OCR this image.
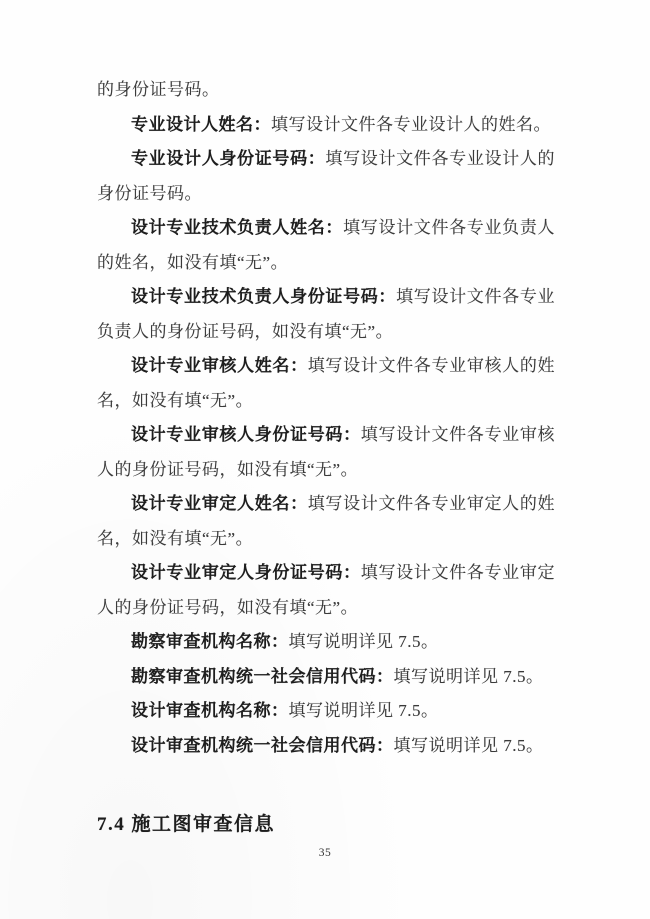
的身份证号码。

专业设计人姓名：填写设计文件各专业设计人的姓名。

专业设计人身份证号码：填写设计文件各专业设计人的身份证号码。

设计专业技术负责人姓名：填写设计文件各专业负责人的姓名，如没有填“无”。

设计专业技术负责人身份证号码：填写设计文件各专业负责人的身份证号码，如没有填“无”。

设计专业审核人姓名：填写设计文件各专业审核人的姓名，如没有填“无”。

设计专业审核人身份证号码：填写设计文件各专业审核人的身份证号码，如没有填“无”。

设计专业审定人姓名：填写设计文件各专业审定人的姓名，如没有填“无”。

设计专业审定人身份证号码：填写设计文件各专业审定人的身份证号码，如没有填“无”。

勘察审查机构名称：填写说明详见 7.5。

勘察审查机构统一社会信用代码：填写说明详见 7.5。

设计审查机构名称：填写说明详见 7.5。

设计审查机构统一社会信用代码：填写说明详见 7.5。

7.4 施工图审查信息
35
